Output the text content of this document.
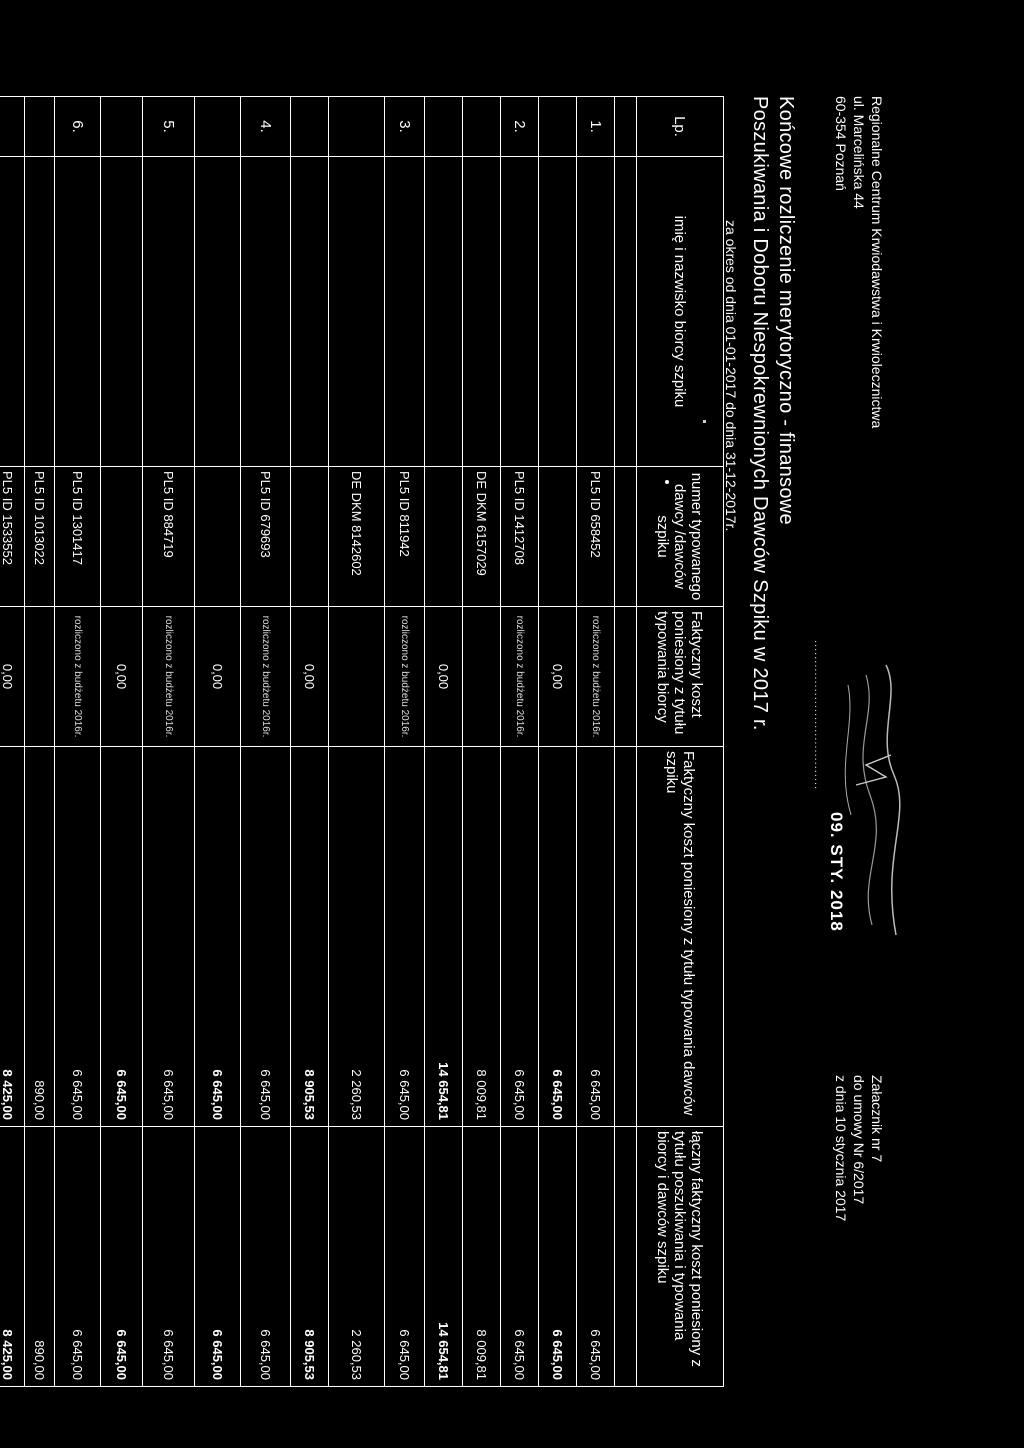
Regionalne Centrum Krwiodawstwa i Krwiolecznictwa
ul. Marcelińska 44
60-354 Poznań
Załacznik nr 7
do umowy Nr 6/2017
z dnia 10 stycznia 2017
.....................................
09. STY. 2018
Końcowe rozliczenie merytoryczno - finansowe
Poszukiwania i Doboru Niespokrewnionych Dawców Szpiku w 2017 r.
za okres od dnia 01-01-2017 do dnia 31-12-2017r.
Lp.	imię i nazwisko biorcy szpiku	numer typowanego dawcy /dawców szpiku	Faktyczny koszt poniesiony z tytułu typowania biorcy	Faktyczny koszt poniesiony z tytułu typowania dawców szpiku	łączny faktyczny koszt poniesiony z tytułu poszukiwania i typowania biorcy i dawców szpiku

1.		PL5 ID 658452	rozliczono z budżetu 2016r.	6 645,00	6 645,00
			0,00	6 645,00	6 645,00
2.		PL5 ID 1412708	rozliczono z budżetu 2016r.	6 645,00	6 645,00
		DE DKM 6157029		8 009,81	8 009,81
			0,00	14 654,81	14 654,81
3.		PL5 ID 811942	rozliczono z budżetu 2016r.	6 645,00	6 645,00
		DE DKM 8142602		2 260,53	2 260,53
			0,00	8 905,53	8 905,53
4.		PL5 ID 679693	rozliczono z budżetu 2016r.	6 645,00	6 645,00
			0,00	6 645,00	6 645,00
5.		PL5 ID 884719	rozliczono z budżetu 2016r.	6 645,00	6 645,00
			0,00	6 645,00	6 645,00
6.		PL5 ID 1301417	rozliczono z budżetu 2016r.	6 645,00	6 645,00
		PL5 ID 1013022		890,00	890,00
		PL5 ID 1533552	0,00	8 425,00	8 425,00
